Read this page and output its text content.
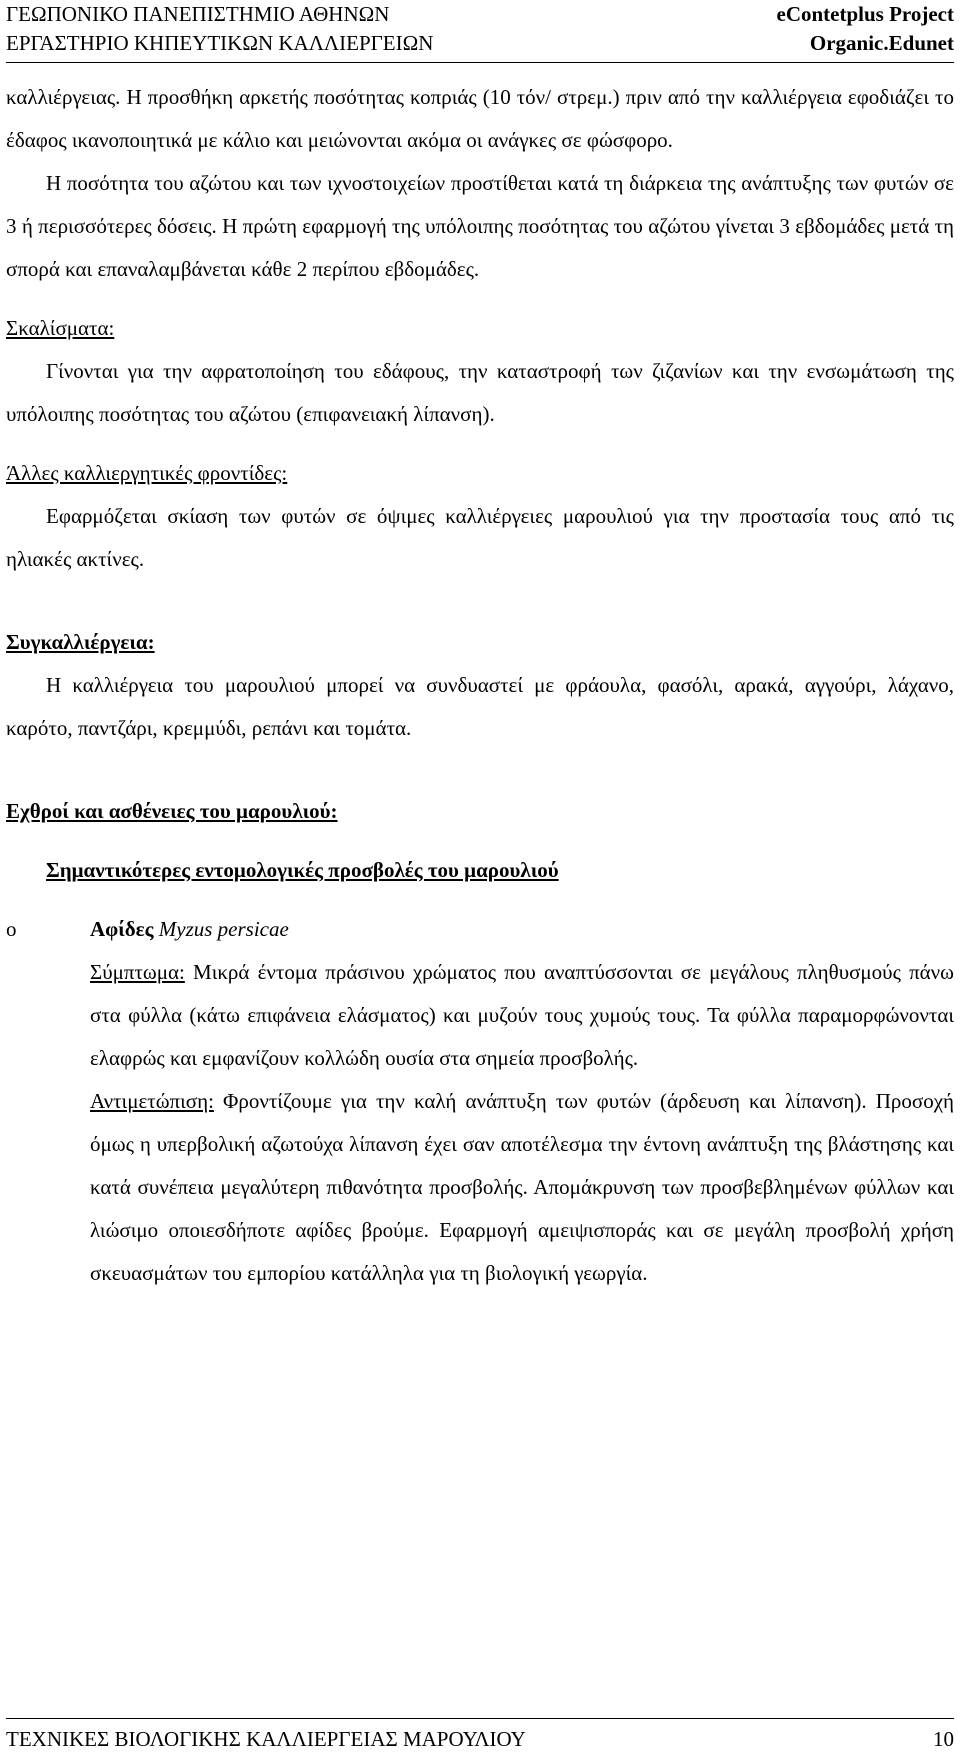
ΓΕΩΠΟΝΙΚΟ ΠΑΝΕΠΙΣΤΗΜΙΟ ΑΘΗΝΩΝ
ΕΡΓΑΣΤΗΡΙΟ ΚΗΠΕΥΤΙΚΩΝ ΚΑΛΛΙΕΡΓΕΙΩΝ
eContetplus Project
Organic.Edunet

καλλιέργειας. Η προσθήκη αρκετής ποσότητας κοπριάς (10 τόν/ στρεμ.) πριν από την καλλιέργεια εφοδιάζει το έδαφος ικανοποιητικά με κάλιο και μειώνονται ακόμα οι ανάγκες σε φώσφορο.

Η ποσότητα του αζώτου και των ιχνοστοιχείων προστίθεται κατά τη διάρκεια της ανάπτυξης των φυτών σε 3 ή περισσότερες δόσεις. Η πρώτη εφαρμογή της υπόλοιπης ποσότητας του αζώτου γίνεται 3 εβδομάδες μετά τη σπορά και επαναλαμβάνεται κάθε 2 περίπου εβδομάδες.

Σκαλίσματα:

Γίνονται για την αφρατοποίηση του εδάφους, την καταστροφή των ζιζανίων και την ενσωμάτωση της υπόλοιπης ποσότητας του αζώτου (επιφανειακή λίπανση).

Άλλες καλλιεργητικές φροντίδες:

Εφαρμόζεται σκίαση των φυτών σε όψιμες καλλιέργειες μαρουλιού για την προστασία τους από τις ηλιακές ακτίνες.

Συγκαλλιέργεια:

Η καλλιέργεια του μαρουλιού μπορεί να συνδυαστεί με φράουλα, φασόλι, αρακά, αγγούρι, λάχανο, καρότο, παντζάρι, κρεμμύδι, ρεπάνι και τομάτα.

Εχθροί και ασθένειες του μαρουλιού:

Σημαντικότερες εντομολογικές προσβολές του μαρουλιού

o	Αφίδες Myzus persicae

Σύμπτωμα: Μικρά έντομα πράσινου χρώματος που αναπτύσσονται σε μεγάλους πληθυσμούς πάνω στα φύλλα (κάτω επιφάνεια ελάσματος) και μυζούν τους χυμούς τους. Τα φύλλα παραμορφώνονται ελαφρώς και εμφανίζουν κολλώδη ουσία στα σημεία προσβολής.

Αντιμετώπιση: Φροντίζουμε για την καλή ανάπτυξη των φυτών (άρδευση και λίπανση). Προσοχή όμως η υπερβολική αζωτούχα λίπανση έχει σαν αποτέλεσμα την έντονη ανάπτυξη της βλάστησης και κατά συνέπεια μεγαλύτερη πιθανότητα προσβολής. Απομάκρυνση των προσβεβλημένων φύλλων και λιώσιμο οποιεσδήποτε αφίδες βρούμε. Εφαρμογή αμειψισποράς και σε μεγάλη προσβολή χρήση σκευασμάτων του εμπορίου κατάλληλα για τη βιολογική γεωργία.

ΤΕΧΝΙΚΕΣ ΒΙΟΛΟΓΙΚΗΣ ΚΑΛΛΙΕΡΓΕΙΑΣ ΜΑΡΟΥΛΙΟΥ	10
